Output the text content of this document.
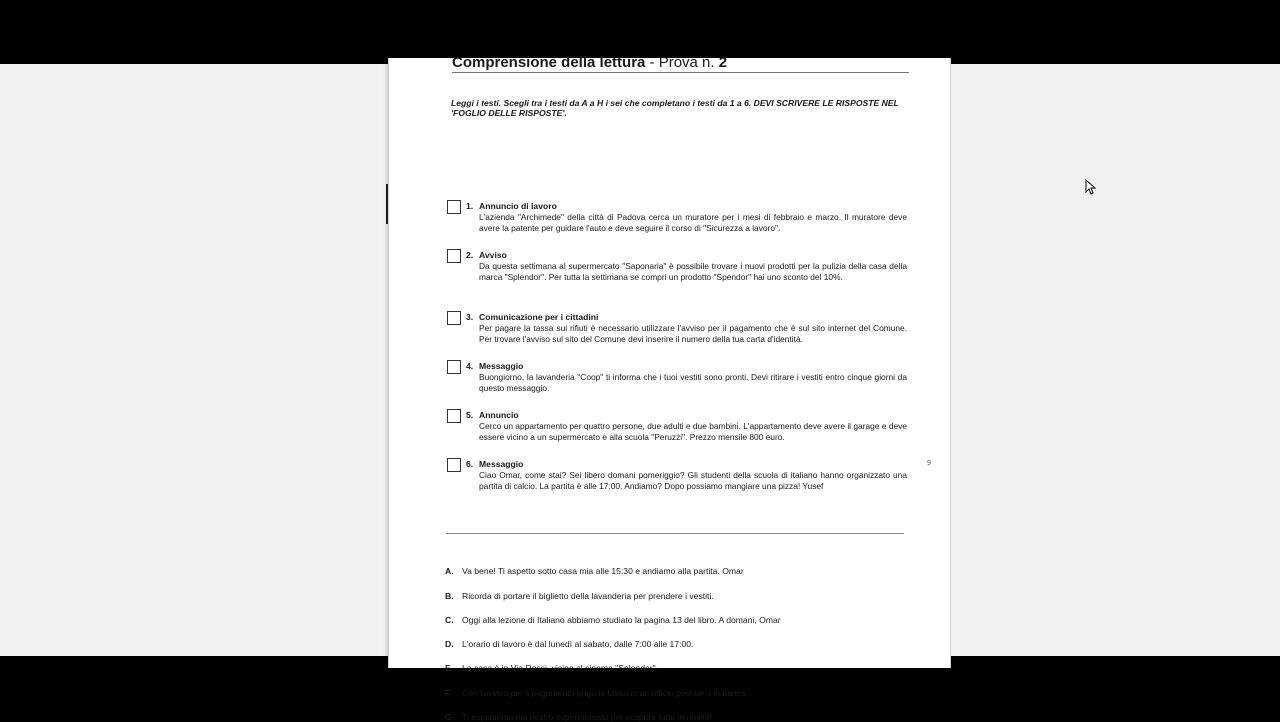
Comprensione della lettura - Prova n. 2
Leggi i testi. Scegli tra i testi da A a H i sei che completano i testi da 1 a 6. DEVI SCRIVERE LE RISPOSTE NEL 'FOGLIO DELLE RISPOSTE'.
1. Annuncio di lavoro
L'azienda "Archimede" della città di Padova cerca un muratore per i mesi di febbraio e marzo. Il muratore deve avere la patente per guidare l'auto e deve seguire il corso di "Sicurezza a lavoro".
2. Avviso
Da questa settimana al supermercato "Saponaria" è possibile trovare i nuovi prodotti per la pulizia della casa della marca "Splendor". Per tutta la settimana se compri un prodotto "Spendor" hai uno sconto del 10%.
3. Comunicazione per i cittadini
Per pagare la tassa sui rifiuti è necessario utilizzare l'avviso per il pagamento che è sul sito internet del Comune. Per trovare l'avviso sul sito del Comune devi inserire il numero della tua carta d'identità.
4. Messaggio
Buongiorno, la lavanderia "Coop" ti informa che i tuoi vestiti sono pronti. Devi ritirare i vestiti entro cinque giorni da questo messaggio.
5. Annuncio
Cerco un appartamento per quattro persone, due adulti e due bambini. L'appartamento deve avere il garage e deve essere vicino a un supermercato e alla scuola "Peruzzi". Prezzo mensile 800 euro.
6. Messaggio
Ciao Omar, come stai? Sei libero domani pomeriggio? Gli studenti della scuola di italiano hanno organizzato una partita di calcio. La partita è alle 17:00. Andiamo? Dopo possiamo mangiare una pizza! Yusef
9
A. Va bene! Ti aspetto sotto casa mia alle 15:30 e andiamo alla partita. Omar
B. Ricorda di portare il biglietto della lavanderia per prendere i vestiti.
C. Oggi alla lezione di Italiano abbiamo studiato la pagina 13 del libro. A domani, Omar
D. L'orario di lavoro è dal lunedì al sabato, dalle 7:00 alle 17:00.
E. La casa è in Via Rossi, vicino al cinema "Splendor".
F. Con l'avviso per il pagamento paga la tassa in un ufficio postale o in banca.
G. Ti aspettiamo nel nostro supermercato per scoprire tutte le novità!
